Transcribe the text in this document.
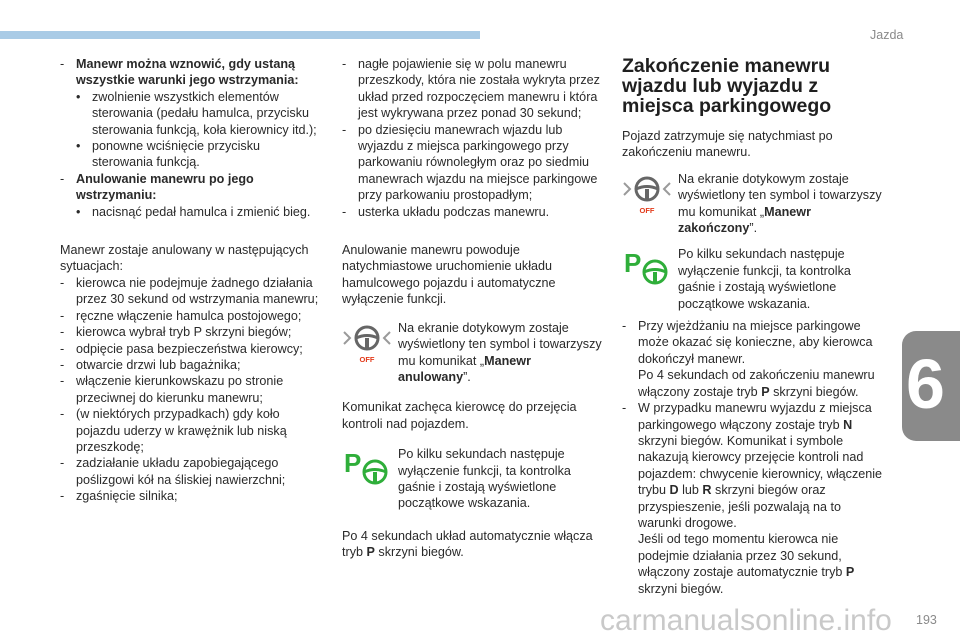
Jazda
6
carmanualsonline.info 193
- Manewr można wznowić, gdy ustaną wszystkie warunki jego wstrzymania:

• zwolnienie wszystkich elementów sterowania (pedału hamulca, przycisku sterowania funkcją, koła kierownicy itd.);

• ponowne wciśnięcie przycisku sterowania funkcją.

- Anulowanie manewru po jego wstrzymaniu:

• nacisnąć pedał hamulca i zmienić bieg.

Manewr zostaje anulowany w następujących sytuacjach:

- kierowca nie podejmuje żadnego działania przez 30 sekund od wstrzymania manewru;

- ręczne włączenie hamulca postojowego;

- kierowca wybrał tryb P skrzyni biegów;

- odpięcie pasa bezpieczeństwa kierowcy;

- otwarcie drzwi lub bagażnika;

- włączenie kierunkowskazu po stronie przeciwnej do kierunku manewru;

- (w niektórych przypadkach) gdy koło pojazdu uderzy w krawężnik lub niską przeszkodę;

- zadziałanie układu zapobiegającego poślizgowi kół na śliskiej nawierzchni;

- zgaśnięcie silnika;

- nagłe pojawienie się w polu manewru przeszkody, która nie została wykryta przez układ przed rozpoczęciem manewru i która jest wykrywana przez ponad 30 sekund;

- po dziesięciu manewrach wjazdu lub wyjazdu z miejsca parkingowego przy parkowaniu równoległym oraz po siedmiu manewrach wjazdu na miejsce parkingowe przy parkowaniu prostopadłym;

- usterka układu podczas manewru.

Anulowanie manewru powoduje natychmiastowe uruchomienie układu hamulcowego pojazdu i automatyczne wyłączenie funkcji.

OFF

Na ekranie dotykowym zostaje wyświetlony ten symbol i towarzyszy mu komunikat „Manewr anulowany”.

Komunikat zachęca kierowcę do przejęcia kontroli nad pojazdem.

P	Po kilku sekundach następuje wyłączenie funkcji, ta kontrolka gaśnie i zostają wyświetlone początkowe wskazania.

Po 4 sekundach układ automatycznie włącza tryb P skrzyni biegów.

Zakończenie manewru wjazdu lub wyjazdu z miejsca parkingowego

Pojazd zatrzymuje się natychmiast po zakończeniu manewru.

OFF

Na ekranie dotykowym zostaje wyświetlony ten symbol i towarzyszy mu komunikat „Manewr zakończony”.

P	Po kilku sekundach następuje wyłączenie funkcji, ta kontrolka gaśnie i zostają wyświetlone początkowe wskazania.

- Przy wjeżdżaniu na miejsce parkingowe może okazać się konieczne, aby kierowca dokończył manewr.

Po 4 sekundach od zakończeniu manewru włączony zostaje tryb P skrzyni biegów.

- W przypadku manewru wyjazdu z miejsca parkingowego włączony zostaje tryb N skrzyni biegów. Komunikat i symbole nakazują kierowcy przejęcie kontroli nad pojazdem: chwycenie kierownicy, włączenie trybu D lub R skrzyni biegów oraz przyspieszenie, jeśli pozwalają na to warunki drogowe.

Jeśli od tego momentu kierowca nie podejmie działania przez 30 sekund, włączony zostaje automatycznie tryb P skrzyni biegów.
